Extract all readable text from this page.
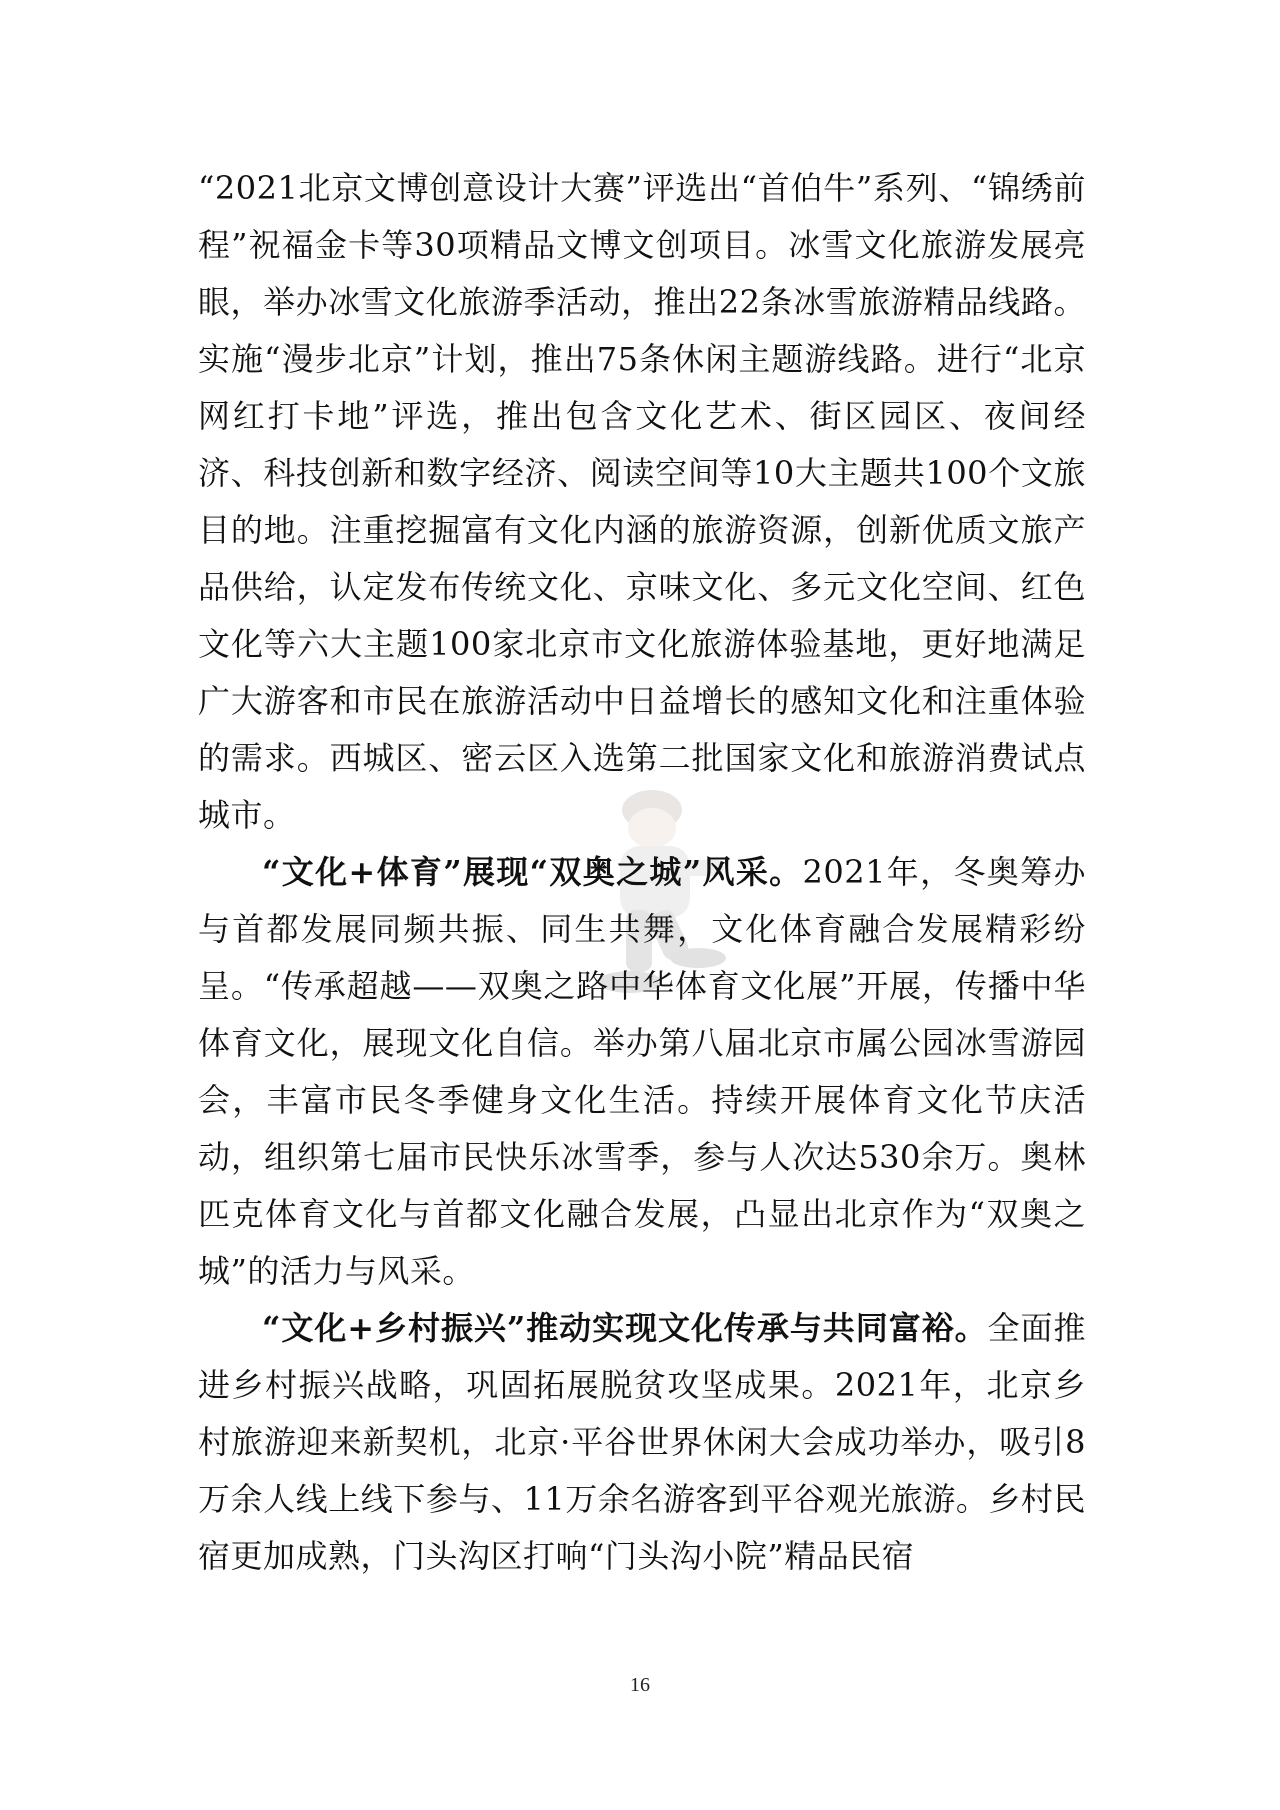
“2021北京文博创意设计大赛”评选出“首伯牛”系列、“锦绣前程”祝福金卡等30项精品文博文创项目。冰雪文化旅游发展亮眼，举办冰雪文化旅游季活动，推出22条冰雪旅游精品线路。实施“漫步北京”计划，推出75条休闲主题游线路。进行“北京网红打卡地”评选，推出包含文化艺术、街区园区、夜间经济、科技创新和数字经济、阅读空间等10大主题共100个文旅目的地。注重挖掘富有文化内涵的旅游资源，创新优质文旅产品供给，认定发布传统文化、京味文化、多元文化空间、红色文化等六大主题100家北京市文化旅游体验基地，更好地满足广大游客和市民在旅游活动中日益增长的感知文化和注重体验的需求。西城区、密云区入选第二批国家文化和旅游消费试点城市。

“文化+体育”展现“双奥之城”风采。2021年，冬奥筹办与首都发展同频共振、同生共舞，文化体育融合发展精彩纷呈。“传承超越——双奥之路中华体育文化展”开展，传播中华体育文化，展现文化自信。举办第八届北京市属公园冰雪游园会，丰富市民冬季健身文化生活。持续开展体育文化节庆活动，组织第七届市民快乐冰雪季，参与人次达530余万。奥林匹克体育文化与首都文化融合发展，凸显出北京作为“双奥之城”的活力与风采。

“文化+乡村振兴”推动实现文化传承与共同富裕。全面推进乡村振兴战略，巩固拓展脱贫攻坚成果。2021年，北京乡村旅游迎来新契机，北京·平谷世界休闲大会成功举办，吸引8万余人线上线下参与、11万余名游客到平谷观光旅游。乡村民宿更加成熟，门头沟区打响“门头沟小院”精品民宿

16
